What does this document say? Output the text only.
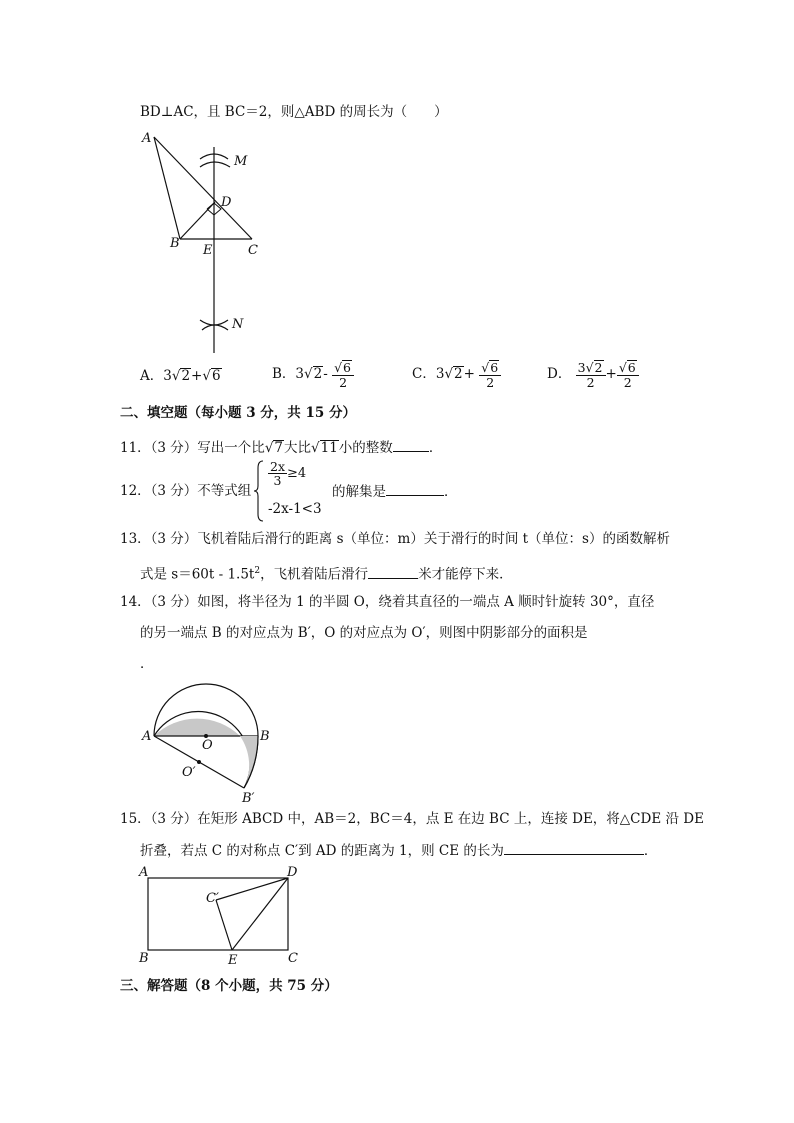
BD⊥AC，且 BC＝2，则△ABD 的周长为（　　）
A
B	C
D
E
M
N
A．3√2+√6	B．$3√2- \frac{√6}{2}$	C．$3√2+ \frac{√6}{2}$	D． $\frac{3√2}{2} + \frac{√6}{2}$
二、填空题（每小题 3 分，共 15 分）
11．（3 分）写出一个比√7大比√11小的整数	．
12．（3 分）不等式组
$\frac{2x}{3} \ge 4$
-2x-1<3
的解集是	．
13．（3 分）飞机着陆后滑行的距离 s（单位：m）关于滑行的时间 t（单位：s）的函数解析
式是 $s=60t - 1.5t^2$，飞机着陆后滑行	米才能停下来．
14．（3 分）如图，将半径为 1 的半圆 O，绕着其直径的一端点 A 顺时针旋转 30°，直径
的另一端点 B 的对应点为 B′，O 的对应点为 O′，则图中阴影部分的面积是
．
A	B
O
O′
B′
15．（3 分）在矩形 ABCD 中，AB＝2，BC＝4，点 E 在边 BC 上，连接 DE，将△CDE 沿 DE
折叠，若点 C 的对称点 C′到 AD 的距离为 1，则 CE 的长为	．
A	D
B	C
E
C′
三、解答题（8 个小题，共 75 分）
